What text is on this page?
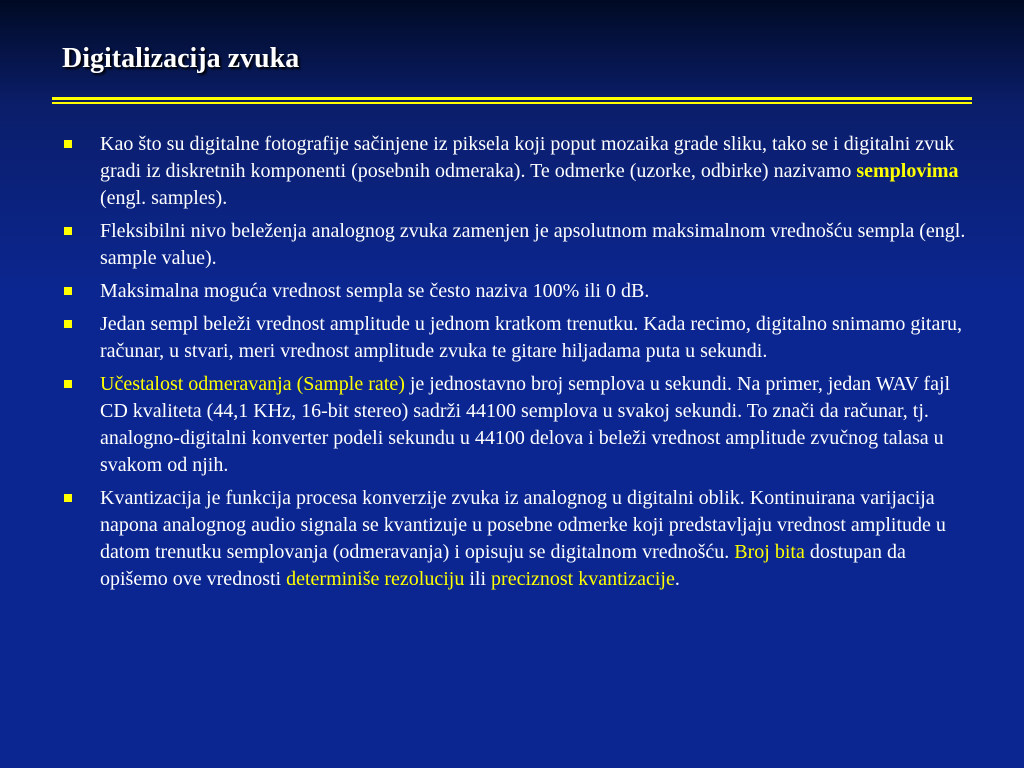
Digitalizacija zvuka
Kao što su digitalne fotografije sačinjene iz piksela koji poput mozaika grade sliku, tako se i digitalni zvuk gradi iz diskretnih komponenti (posebnih odmeraka). Te odmerke (uzorke, odbirke) nazivamo semplovima (engl. samples).
Fleksibilni nivo beleženja analognog zvuka zamenjen je apsolutnom maksimalnom vrednošću sempla (engl. sample value).
Maksimalna moguća vrednost sempla se često naziva 100% ili 0 dB.
Jedan sempl beleži vrednost amplitude u jednom kratkom trenutku. Kada recimo, digitalno snimamo gitaru, računar, u stvari, meri vrednost amplitude zvuka te gitare hiljadama puta u sekundi.
Učestalost odmeravanja (Sample rate) je jednostavno broj semplova u sekundi. Na primer, jedan WAV fajl CD kvaliteta (44,1 KHz, 16-bit stereo) sadrži 44100 semplova u svakoj sekundi. To znači da računar, tj. analogno-digitalni konverter podeli sekundu u 44100 delova i beleži vrednost amplitude zvučnog talasa u svakom od njih.
Kvantizacija je funkcija procesa konverzije zvuka iz analognog u digitalni oblik. Kontinuirana varijacija napona analognog audio signala se kvantizuje u posebne odmerke koji predstavljaju vrednost amplitude u datom trenutku semplovanja (odmeravanja) i opisuju se digitalnom vrednošću. Broj bita dostupan da opišemo ove vrednosti determiniše rezoluciju ili preciznost kvantizacije.
